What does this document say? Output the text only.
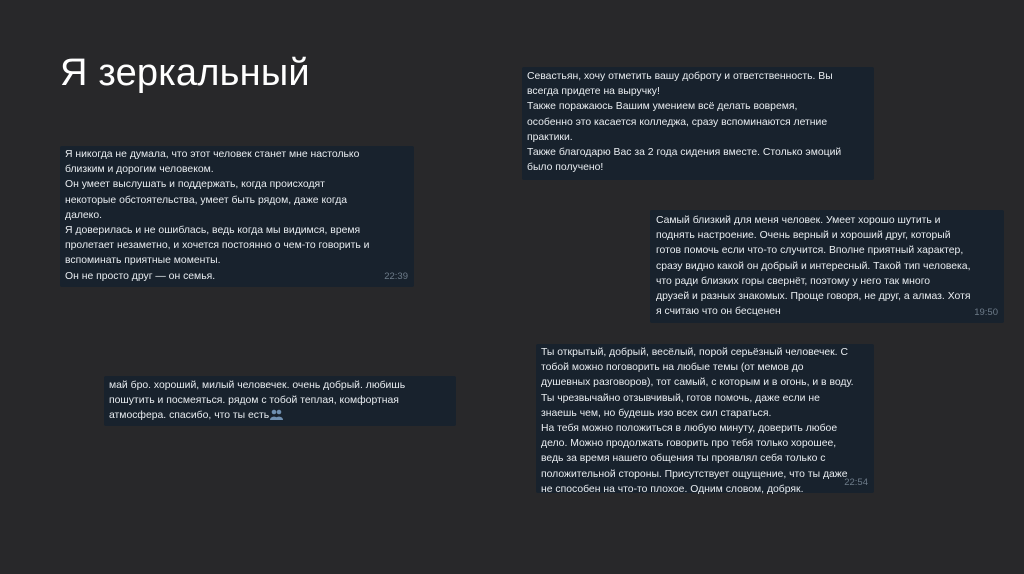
Я зеркальный
Я никогда не думала, что этот человек станет мне настолько
близким и дорогим человеком.
Он умеет выслушать и поддержать, когда происходят
некоторые обстоятельства, умеет быть рядом, даже когда
далеко.
Я доверилась и не ошиблась, ведь когда мы видимся, время
пролетает незаметно, и хочется постоянно о чем-то говорить и
вспоминать приятные моменты.
Он не просто друг — он семья.	22:39
Севастьян, хочу отметить вашу доброту и ответственность. Вы
всегда придете на выручку!
Также поражаюсь Вашим умением всё делать вовремя,
особенно это касается колледжа, сразу вспоминаются летние
практики.
Также благодарю Вас за 2 года сидения вместе. Столько эмоций
было получено!
Самый близкий для меня человек. Умеет хорошо шутить и
поднять настроение. Очень верный и хороший друг, который
готов помочь если что-то случится. Вполне приятный характер,
сразу видно какой он добрый и интересный. Такой тип человека,
что ради близких горы свернёт, поэтому у него так много
друзей и разных знакомых. Проще говоря, не друг, а алмаз. Хотя
я считаю что он бесценен	19:50
Ты открытый, добрый, весёлый, порой серьёзный человечек. С
тобой можно поговорить на любые темы (от мемов до
душевных разговоров), тот самый, с которым и в огонь, и в воду.
Ты чрезвычайно отзывчивый, готов помочь, даже если не
знаешь чем, но будешь изо всех сил стараться.
На тебя можно положиться в любую минуту, доверить любое
дело. Можно продолжать говорить про тебя только хорошее,
ведь за время нашего общения ты проявлял себя только с
положительной стороны. Присутствует ощущение, что ты даже
не способен на что-то плохое. Одним словом, добряк.
22:54
май бро. хороший, милый человечек. очень добрый. любишь
пошутить и посмеяться. рядом с тобой теплая, комфортная
атмосфера. спасибо, что ты есть
